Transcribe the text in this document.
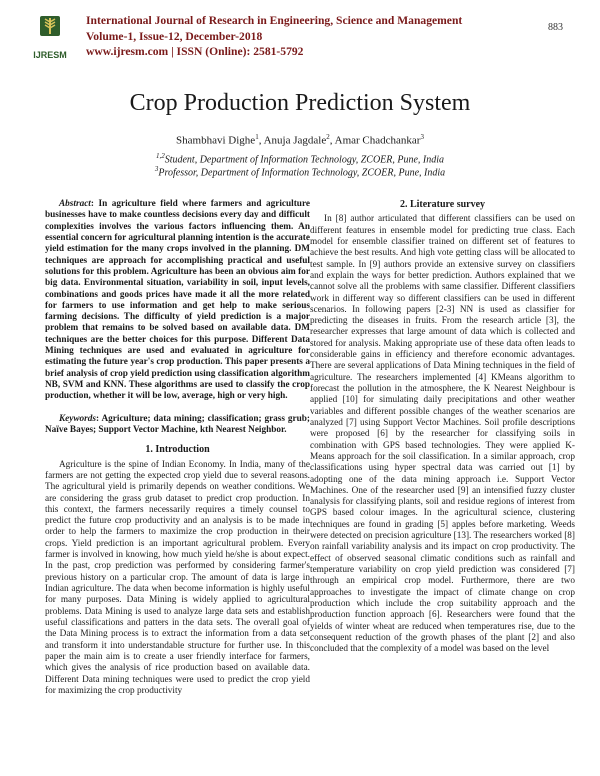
IJRESM
International Journal of Research in Engineering, Science and Management
Volume-1, Issue-12, December-2018
www.ijresm.com | ISSN (Online): 2581-5792
883
Crop Production Prediction System
Shambhavi Dighe$^1$, Anuja Jagdale$^2$, Amar Chadchankar$^3$
$^{1,2}$Student, Department of Information Technology, ZCOER, Pune, India
$^3$Professor, Department of Information Technology, ZCOER, Pune, India

Abstract: In agriculture field where farmers and agriculture businesses have to make countless decisions every day and difficult complexities involves the various factors influencing them. An essential concern for agricultural planning intention is the accurate yield estimation for the many crops involved in the planning. DM techniques are approach for accomplishing practical and useful solutions for this problem. Agriculture has been an obvious aim for big data. Environmental situation, variability in soil, input levels, combinations and goods prices have made it all the more related for farmers to use information and get help to make serious farming decisions. The difficulty of yield prediction is a major problem that remains to be solved based on available data. DM techniques are the better choices for this purpose. Different Data Mining techniques are used and evaluated in agriculture for estimating the future year's crop production. This paper presents a brief analysis of crop yield prediction using classification algorithm NB, SVM and KNN. These algorithms are used to classify the crop production, whether it will be low, average, high or very high.

Keywords: Agriculture; data mining; classification; grass grub; Naïve Bayes; Support Vector Machine, kth Nearest Neighbor.

1. Introduction

Agriculture is the spine of Indian Economy. In India, many of the farmers are not getting the expected crop yield due to several reasons. The agricultural yield is primarily depends on weather conditions. We are considering the grass grub dataset to predict crop production. In this context, the farmers necessarily requires a timely counsel to predict the future crop productivity and an analysis is to be made in order to help the farmers to maximize the crop production in their crops. Yield prediction is an important agricultural problem. Every farmer is involved in knowing, how much yield he/she is about expect. In the past, crop prediction was performed by considering farmer's previous history on a particular crop. The amount of data is large in Indian agriculture. The data when become information is highly useful for many purposes. Data Mining is widely applied to agricultural problems. Data Mining is used to analyze large data sets and establish useful classifications and patters in the data sets. The overall goal of the Data Mining process is to extract the information from a data set and transform it into understandable structure for further use. In this paper the main aim is to create a user friendly interface for farmers, which gives the analysis of rice production based on available data. Different Data mining techniques were used to predict the crop yield for maximizing the crop productivity

2. Literature survey

In [8] author articulated that different classifiers can be used on different features in ensemble model for predicting true class. Each model for ensemble classifier trained on different set of features to achieve the best results. And high vote getting class will be allocated to test sample. In [9] authors provide an extensive survey on classifiers and explain the ways for better prediction. Authors explained that we cannot solve all the problems with same classifier. Different classifiers work in different way so different classifiers can be used in different scenarios. In following papers [2-3] NN is used as classifier for predicting the diseases in fruits. From the research article [3], the researcher expresses that large amount of data which is collected and stored for analysis. Making appropriate use of these data often leads to considerable gains in efficiency and therefore economic advantages. There are several applications of Data Mining techniques in the field of agriculture. The researchers implemented [4] KMeans algorithm to forecast the pollution in the atmosphere, the K Nearest Neighbour is applied [10] for simulating daily precipitations and other weather variables and different possible changes of the weather scenarios are analyzed [7] using Support Vector Machines. Soil profile descriptions were proposed [6] by the researcher for classifying soils in combination with GPS based technologies. They were applied K-Means approach for the soil classification. In a similar approach, crop classifications using hyper spectral data was carried out [1] by adopting one of the data mining approach i.e. Support Vector Machines. One of the researcher used [9] an intensified fuzzy cluster analysis for classifying plants, soil and residue regions of interest from GPS based colour images. In the agricultural science, clustering techniques are found in grading [5] apples before marketing. Weeds were detected on precision agriculture [13]. The researchers worked [8] on rainfall variability analysis and its impact on crop productivity. The effect of observed seasonal climatic conditions such as rainfall and temperature variability on crop yield prediction was considered [7] through an empirical crop model. Furthermore, there are two approaches to investigate the impact of climate change on crop production which include the crop suitability approach and the production function approach [6]. Researchers were found that the yields of winter wheat are reduced when temperatures rise, due to the consequent reduction of the growth phases of the plant [2] and also concluded that the complexity of a model was based on the level
